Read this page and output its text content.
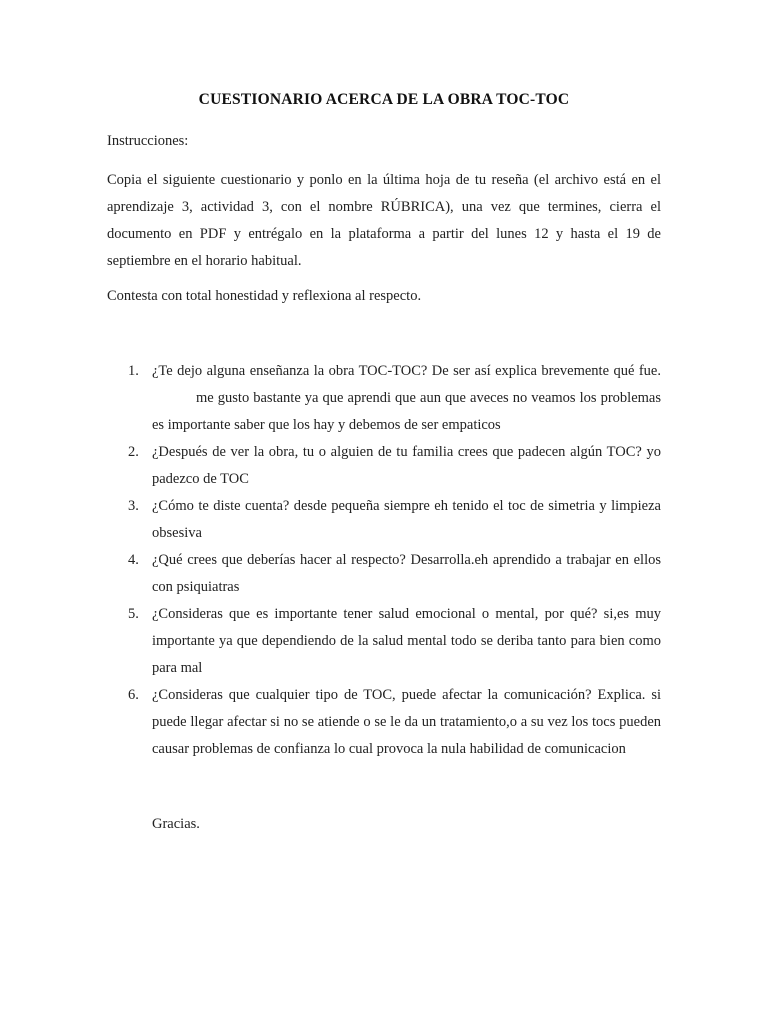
CUESTIONARIO ACERCA DE LA OBRA TOC-TOC
Instrucciones:

Copia el siguiente cuestionario y ponlo en la última hoja de tu reseña (el archivo está en el aprendizaje 3, actividad 3, con el nombre RÚBRICA), una vez que termines, cierra el documento en PDF y entrégalo en la plataforma a partir del lunes 12 y hasta el 19 de septiembre en el horario habitual.

Contesta con total honestidad y reflexiona al respecto.
1. ¿Te dejo alguna enseñanza la obra TOC-TOC? De ser así explica brevemente qué fue.me gusto bastante ya que aprendi que aun que aveces no veamos los problemas es importante saber que los hay y debemos de ser empaticos
2. ¿Después de ver la obra, tu o alguien de tu familia crees que padecen algún TOC? yo padezco de TOC
3. ¿Cómo te diste cuenta? desde pequeña siempre eh tenido el toc de simetria y limpieza obsesiva
4. ¿Qué crees que deberías hacer al respecto? Desarrolla.eh aprendido a trabajar en ellos con psiquiatras
5. ¿Consideras que es importante tener salud emocional o mental, por qué? si,es muy importante ya que dependiendo de la salud mental todo se deriba tanto para bien como para mal
6. ¿Consideras que cualquier tipo de TOC, puede afectar la comunicación? Explica. si puede llegar afectar si no se atiende o se le da un tratamiento,o a su vez los tocs pueden causar problemas de confianza lo cual provoca la nula habilidad de comunicacion
Gracias.
